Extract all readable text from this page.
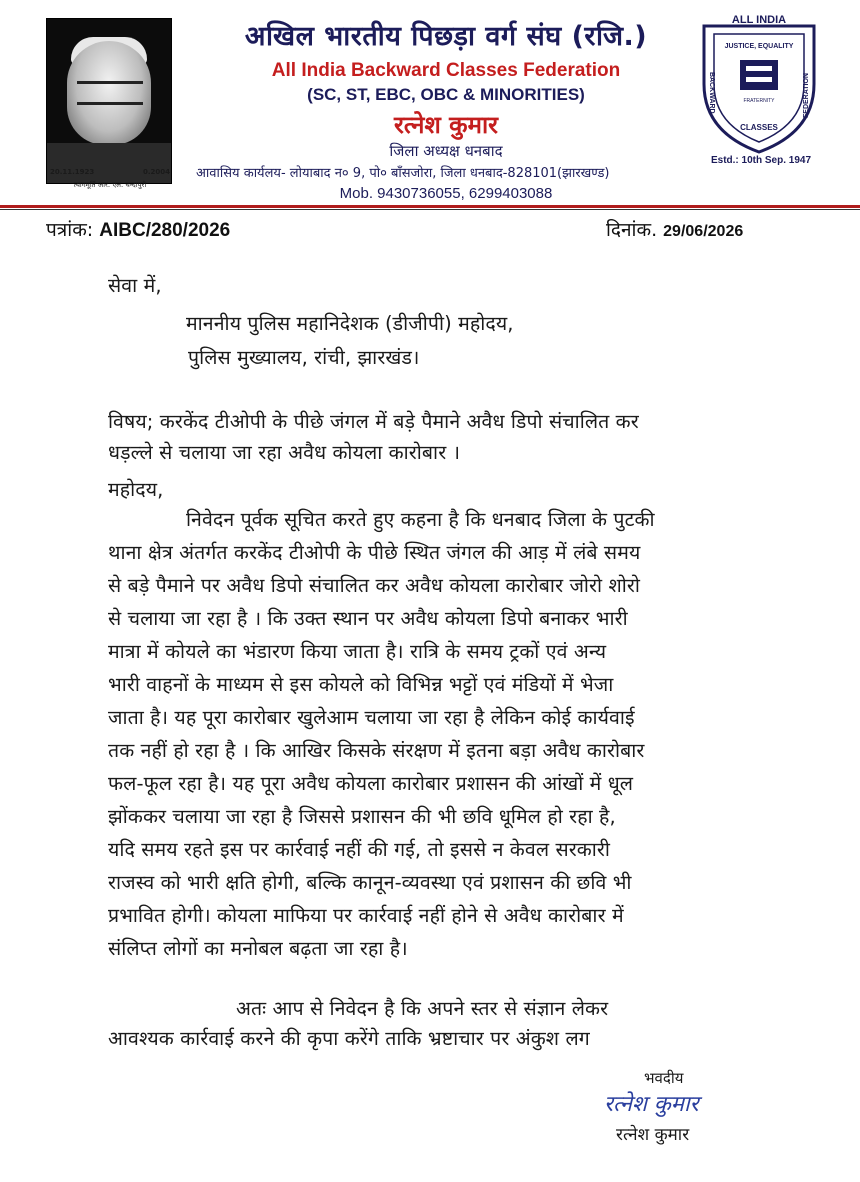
20.11.1923	0.2004
त्यागमूर्ति आर. एल. चन्दापुरी
अखिल भारतीय पिछड़ा वर्ग संघ (रजि.)
All India Backward Classes Federation
(SC, ST, EBC, OBC & MINORITIES)
रत्नेश कुमार
जिला अध्यक्ष धनबाद
आवासिय कार्यलय- लोयाबाद न० 9, पो० बाँसजोरा, जिला धनबाद-828101(झारखण्ड)
Mob. 9430736055, 6299403088
ALL INDIA
JUSTICE, EQUALITY
FRATERNITY
BACKWARD	FEDERATION
CLASSES
Estd.: 10th Sep. 1947
पत्रांक: AIBC/280/2026	दिनांक. 29/06/2026
सेवा में,
माननीय पुलिस महानिदेशक (डीजीपी) महोदय,
पुलिस मुख्यालय, रांची, झारखंड।
विषय; करकेंद टीओपी के पीछे जंगल में बड़े पैमाने अवैध डिपो संचालित कर
धड़ल्ले से चलाया जा रहा अवैध कोयला कारोबार ।
महोदय,
निवेदन पूर्वक सूचित करते हुए कहना है कि धनबाद जिला के पुटकी
थाना क्षेत्र अंतर्गत करकेंद टीओपी के पीछे स्थित जंगल की आड़ में लंबे समय
से बड़े पैमाने पर अवैध डिपो संचालित कर अवैध कोयला कारोबार जोरो शोरो
से चलाया जा रहा है । कि उक्त स्थान पर अवैध कोयला डिपो बनाकर भारी
मात्रा में कोयले का भंडारण किया जाता है। रात्रि के समय ट्रकों एवं अन्य
भारी वाहनों के माध्यम से इस कोयले को विभिन्न भट्टों एवं मंडियों में भेजा
जाता है। यह पूरा कारोबार खुलेआम चलाया जा रहा है लेकिन कोई कार्यवाई
तक नहीं हो रहा है । कि आखिर किसके संरक्षण में इतना बड़ा अवैध कारोबार
फल-फूल रहा है। यह पूरा अवैध कोयला कारोबार प्रशासन की आंखों में धूल
झोंककर चलाया जा रहा है जिससे प्रशासन की भी छवि धूमिल हो रहा है,
यदि समय रहते इस पर कार्रवाई नहीं की गई, तो इससे न केवल सरकारी
राजस्व को भारी क्षति होगी, बल्कि कानून-व्यवस्था एवं प्रशासन की छवि भी
प्रभावित होगी। कोयला माफिया पर कार्रवाई नहीं होने से अवैध कारोबार में
संलिप्त लोगों का मनोबल बढ़ता जा रहा है।
अतः आप से निवेदन है कि अपने स्तर से संज्ञान लेकर
आवश्यक कार्रवाई करने की कृपा करेंगे ताकि भ्रष्टाचार पर अंकुश लग
भवदीय
रत्नेश कुमार
रत्नेश कुमार
